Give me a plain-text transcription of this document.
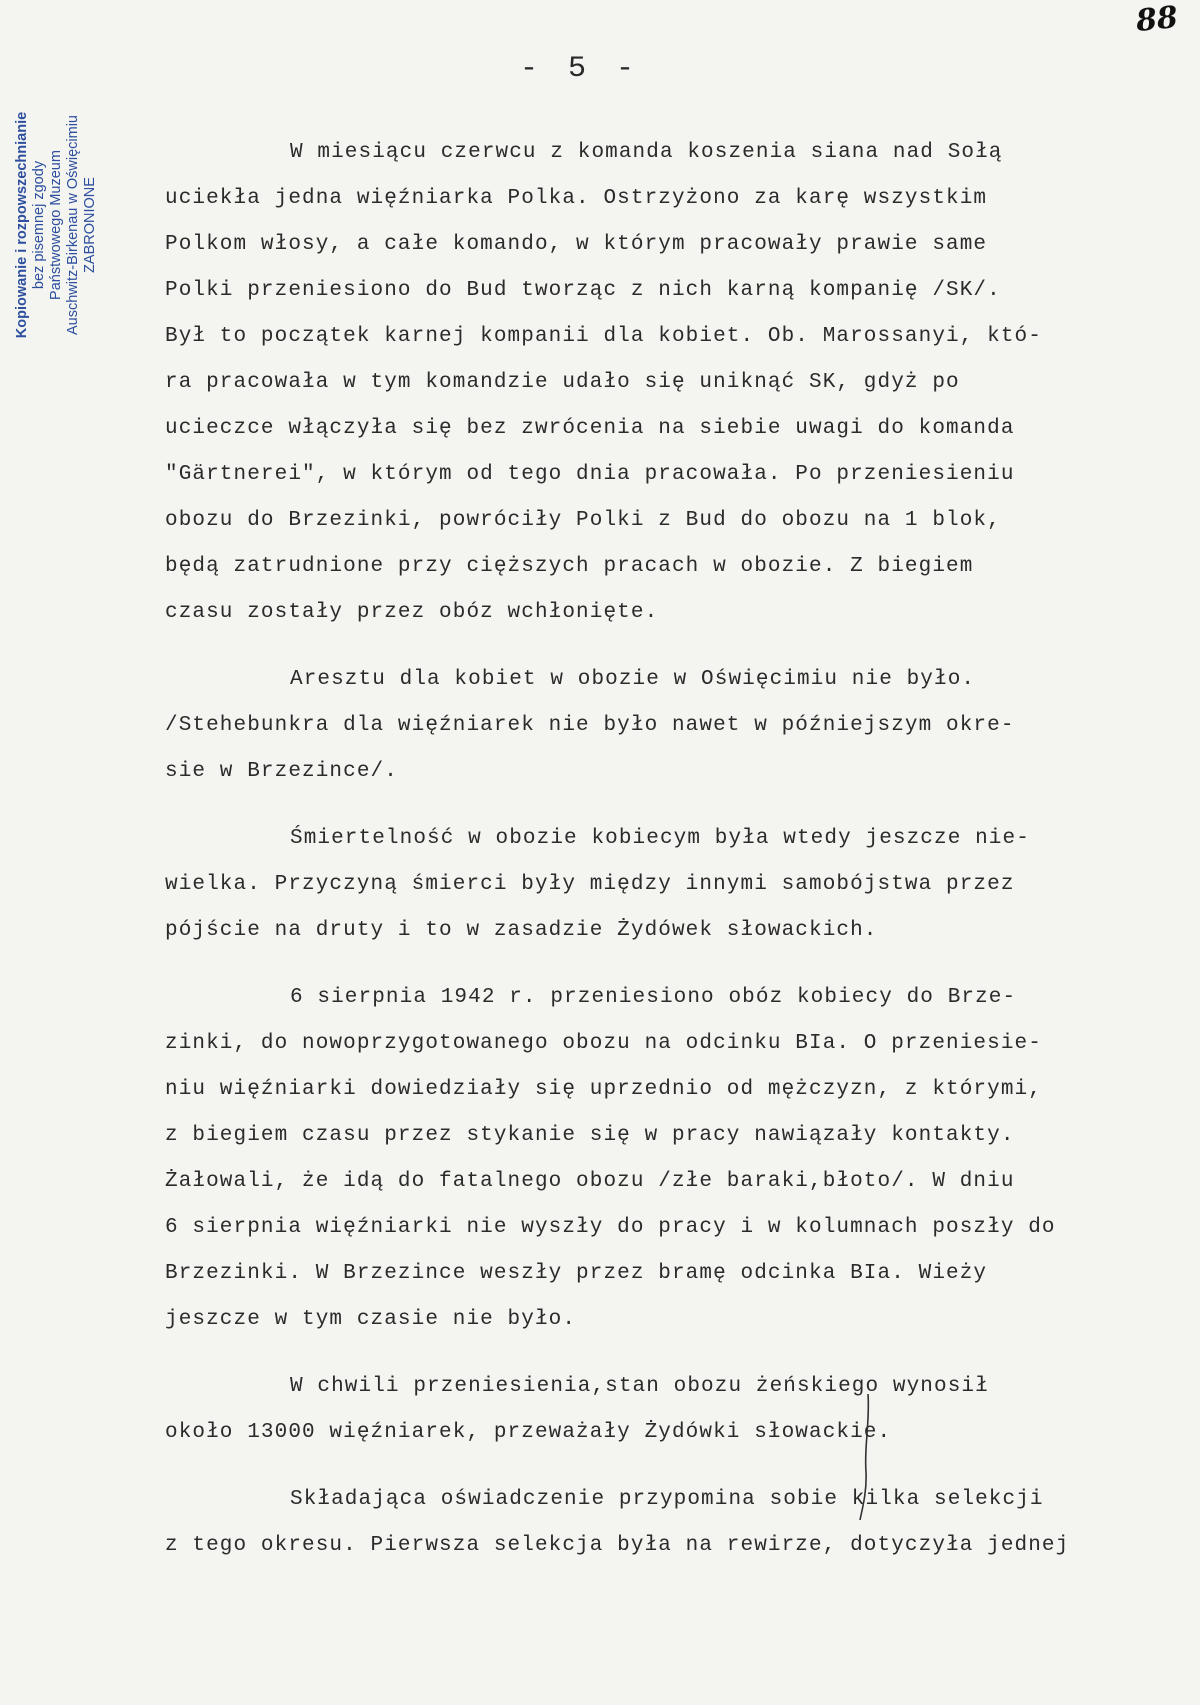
88
- 5 -
Kopiowanie i rozpowszechnianie bez pisemnej zgody Państwowego Muzeum Auschwitz-Birkenau w Oświęcimiu ZABRONIONE
W miesiącu czerwcu z komanda koszenia siana nad Sołą
uciekła jedna więźniarka Polka. Ostrzyżono za karę wszystkim
Polkom włosy, a całe komando, w którym pracowały prawie same
Polki przeniesiono do Bud tworząc z nich karną kompanię /SK/.
Był to początek karnej kompanii dla kobiet. Ob. Marossanyi, któ-
ra pracowała w tym komandzie udało się uniknąć SK, gdyż po
ucieczce włączyła się bez zwrócenia na siebie uwagi do komanda
"Gärtnerei", w którym od tego dnia pracowała. Po przeniesieniu
obozu do Brzezinki, powróciły Polki z Bud do obozu na 1 blok,
będą zatrudnione przy cięższych pracach w obozie. Z biegiem
czasu zostały przez obóz wchłonięte.
Aresztu dla kobiet w obozie w Oświęcimiu nie było.
/Stehebunkra dla więźniarek nie było nawet w późniejszym okre-
sie w Brzezince/.
Śmiertelność w obozie kobiecym była wtedy jeszcze nie-
wielka. Przyczyną śmierci były między innymi samobójstwa przez
pójście na druty i to w zasadzie Żydówek słowackich.
6 sierpnia 1942 r. przeniesiono obóz kobiecy do Brze-
zinki, do nowoprzygotowanego obozu na odcinku BIa. O przeniesie-
niu więźniarki dowiedziały się uprzednio od mężczyzn, z którymi,
z biegiem czasu przez stykanie się w pracy nawiązały kontakty.
Żałowali, że idą do fatalnego obozu /złe baraki,błoto/. W dniu
6 sierpnia więźniarki nie wyszły do pracy i w kolumnach poszły do
Brzezinki. W Brzezince weszły przez bramę odcinka BIa. Wieży
jeszcze w tym czasie nie było.
W chwili przeniesienia,stan obozu żeńskiego wynosił
około 13000 więźniarek, przeważały Żydówki słowackie.
Składająca oświadczenie przypomina sobie kilka selekcji
z tego okresu. Pierwsza selekcja była na rewirze, dotyczyła jednej
